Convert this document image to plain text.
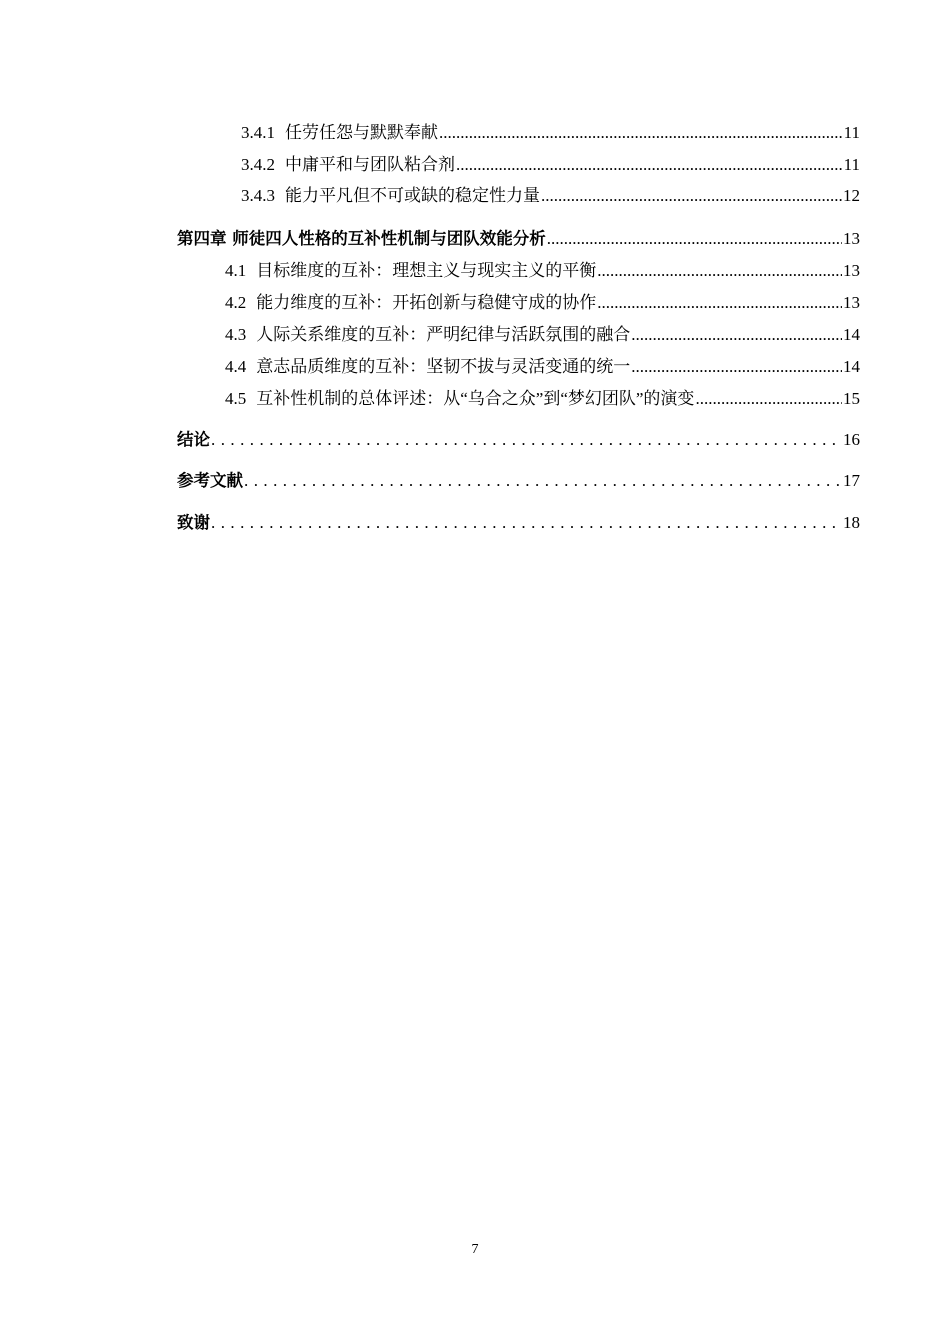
3.4.1 任劳任怨与默默奉献 .....	11
3.4.2 中庸平和与团队粘合剂 .....	11
3.4.3 能力平凡但不可或缺的稳定性力量 .....	12
第四章 师徒四人性格的互补性机制与团队效能分析 .....	13
4.1 目标维度的互补：理想主义与现实主义的平衡 .....	13
4.2 能力维度的互补：开拓创新与稳健守成的协作 .....	13
4.3 人际关系维度的互补：严明纪律与活跃氛围的融合 .....	14
4.4 意志品质维度的互补：坚韧不拔与灵活变通的统一 .....	14
4.5 互补性机制的总体评述：从“乌合之众”到“梦幻团队”的演变 .....	15
结论 . . .	16
参考文献 . . .	17
致谢 . . .	18
7
